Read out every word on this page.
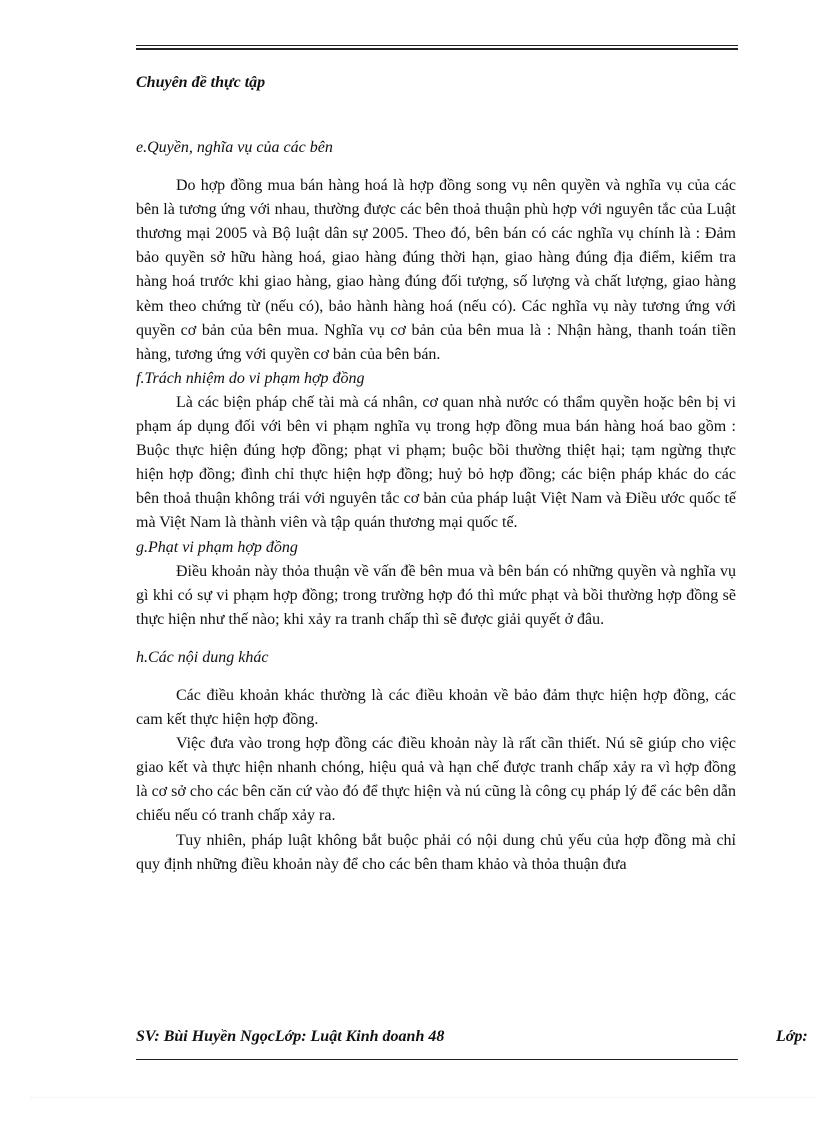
Chuyên đề thực tập

e.Quyền, nghĩa vụ của các bên

Do hợp đồng mua bán hàng hoá là hợp đồng song vụ nên quyền và nghĩa vụ của các bên là tương ứng với nhau, thường được các bên thoả thuận phù hợp với nguyên tắc của Luật thương mại 2005 và Bộ luật dân sự 2005. Theo đó, bên bán có các nghĩa vụ chính là : Đảm bảo quyền sở hữu hàng hoá, giao hàng đúng thời hạn, giao hàng đúng địa điểm, kiểm tra hàng hoá trước khi giao hàng, giao hàng đúng đối tượng, số lượng và chất lượng, giao hàng kèm theo chứng từ (nếu có), bảo hành hàng hoá (nếu có). Các nghĩa vụ này tương ứng với quyền cơ bản của bên mua. Nghĩa vụ cơ bản của bên mua là : Nhận hàng, thanh toán tiền hàng, tương ứng với quyền cơ bản của bên bán.

f.Trách nhiệm do vi phạm hợp đồng

Là các biện pháp chế tài mà cá nhân, cơ quan nhà nước có thẩm quyền hoặc bên bị vi phạm áp dụng đối với bên vi phạm nghĩa vụ trong hợp đồng mua bán hàng hoá bao gồm : Buộc thực hiện đúng hợp đồng; phạt vi phạm; buộc bồi thường thiệt hại; tạm ngừng thực hiện hợp đồng; đình chỉ thực hiện hợp đồng; huỷ bỏ hợp đồng; các biện pháp khác do các bên thoả thuận không trái với nguyên tắc cơ bản của pháp luật Việt Nam và Điều ước quốc tế mà Việt Nam là thành viên và tập quán thương mại quốc tế.

g.Phạt vi phạm hợp đồng

Điều khoản này thỏa thuận về vấn đề bên mua và bên bán có những quyền và nghĩa vụ gì khi có sự vi phạm hợp đồng; trong trường hợp đó thì mức phạt và bồi thường hợp đồng sẽ thực hiện như thế nào; khi xảy ra tranh chấp thì sẽ được giải quyết ở đâu.

h.Các nội dung khác

Các điều khoản khác thường là các điều khoản về bảo đảm thực hiện hợp đồng, các cam kết thực hiện hợp đồng.

Việc đưa vào trong hợp đồng các điều khoản này là rất cần thiết. Nú sẽ giúp cho việc giao kết và thực hiện nhanh chóng, hiệu quả và hạn chế được tranh chấp xảy ra vì hợp đồng là cơ sở cho các bên căn cứ vào đó để thực hiện và nú cũng là công cụ pháp lý để các bên dẫn chiếu nếu có tranh chấp xảy ra.

Tuy nhiên, pháp luật không bắt buộc phải có nội dung chủ yếu của hợp đồng mà chỉ quy định những điều khoản này để cho các bên tham khảo và thỏa thuận đưa

SV: Bùi Huyền NgọcLớp: Luật Kinh doanh 48	Lớp:
